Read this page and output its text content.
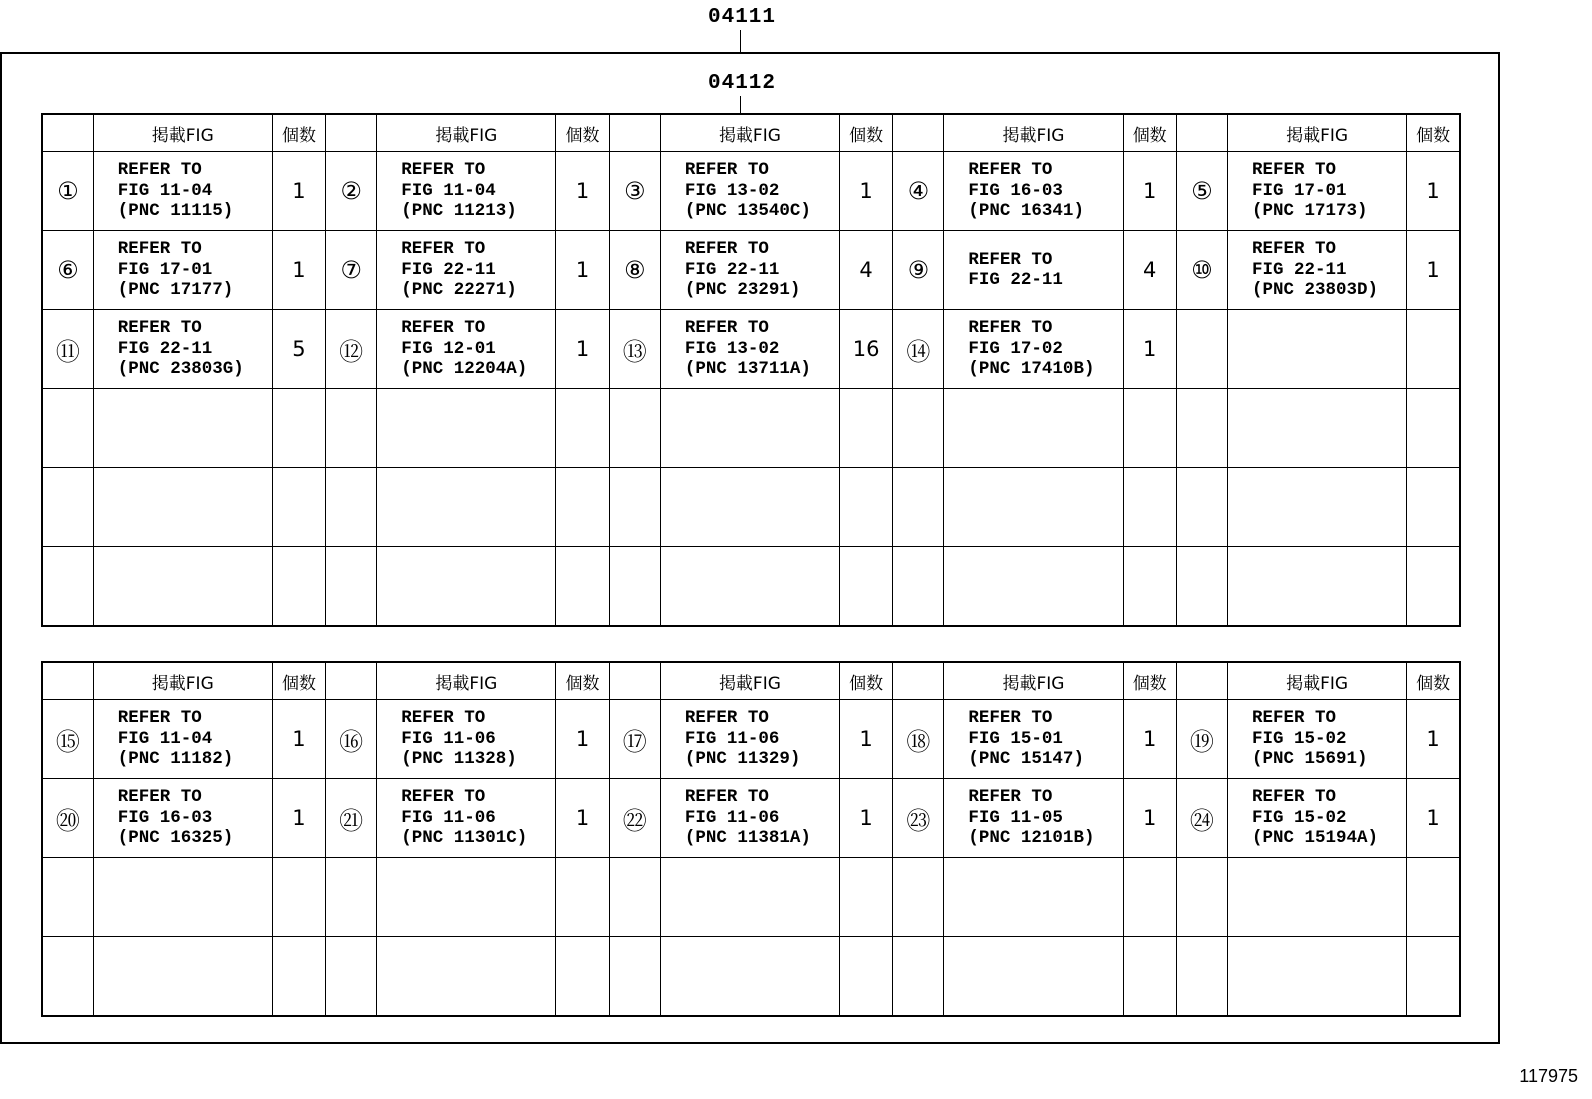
04111
04112
	掲載FIG	個数		掲載FIG	個数		掲載FIG	個数		掲載FIG	個数		掲載FIG	個数
①	REFER TO
FIG 11-04
(PNC 11115)	1	②	REFER TO
FIG 11-04
(PNC 11213)	1	③	REFER TO
FIG 13-02
(PNC 13540C)	1	④	REFER TO
FIG 16-03
(PNC 16341)	1	⑤	REFER TO
FIG 17-01
(PNC 17173)	1
⑥	REFER TO
FIG 17-01
(PNC 17177)	1	⑦	REFER TO
FIG 22-11
(PNC 22271)	1	⑧	REFER TO
FIG 22-11
(PNC 23291)	4	⑨	REFER TO
FIG 22-11	4	⑩	REFER TO
FIG 22-11
(PNC 23803D)	1
⑪	REFER TO
FIG 22-11
(PNC 23803G)	5	⑫	REFER TO
FIG 12-01
(PNC 12204A)	1	⑬	REFER TO
FIG 13-02
(PNC 13711A)	16	⑭	REFER TO
FIG 17-02
(PNC 17410B)	1		

	掲載FIG	個数		掲載FIG	個数		掲載FIG	個数		掲載FIG	個数		掲載FIG	個数
⑮	REFER TO
FIG 11-04
(PNC 11182)	1	⑯	REFER TO
FIG 11-06
(PNC 11328)	1	⑰	REFER TO
FIG 11-06
(PNC 11329)	1	⑱	REFER TO
FIG 15-01
(PNC 15147)	1	⑲	REFER TO
FIG 15-02
(PNC 15691)	1
⑳	REFER TO
FIG 16-03
(PNC 16325)	1	㉑	REFER TO
FIG 11-06
(PNC 11301C)	1	㉒	REFER TO
FIG 11-06
(PNC 11381A)	1	㉓	REFER TO
FIG 11-05
(PNC 12101B)	1	㉔	REFER TO
FIG 15-02
(PNC 15194A)	1

117975
